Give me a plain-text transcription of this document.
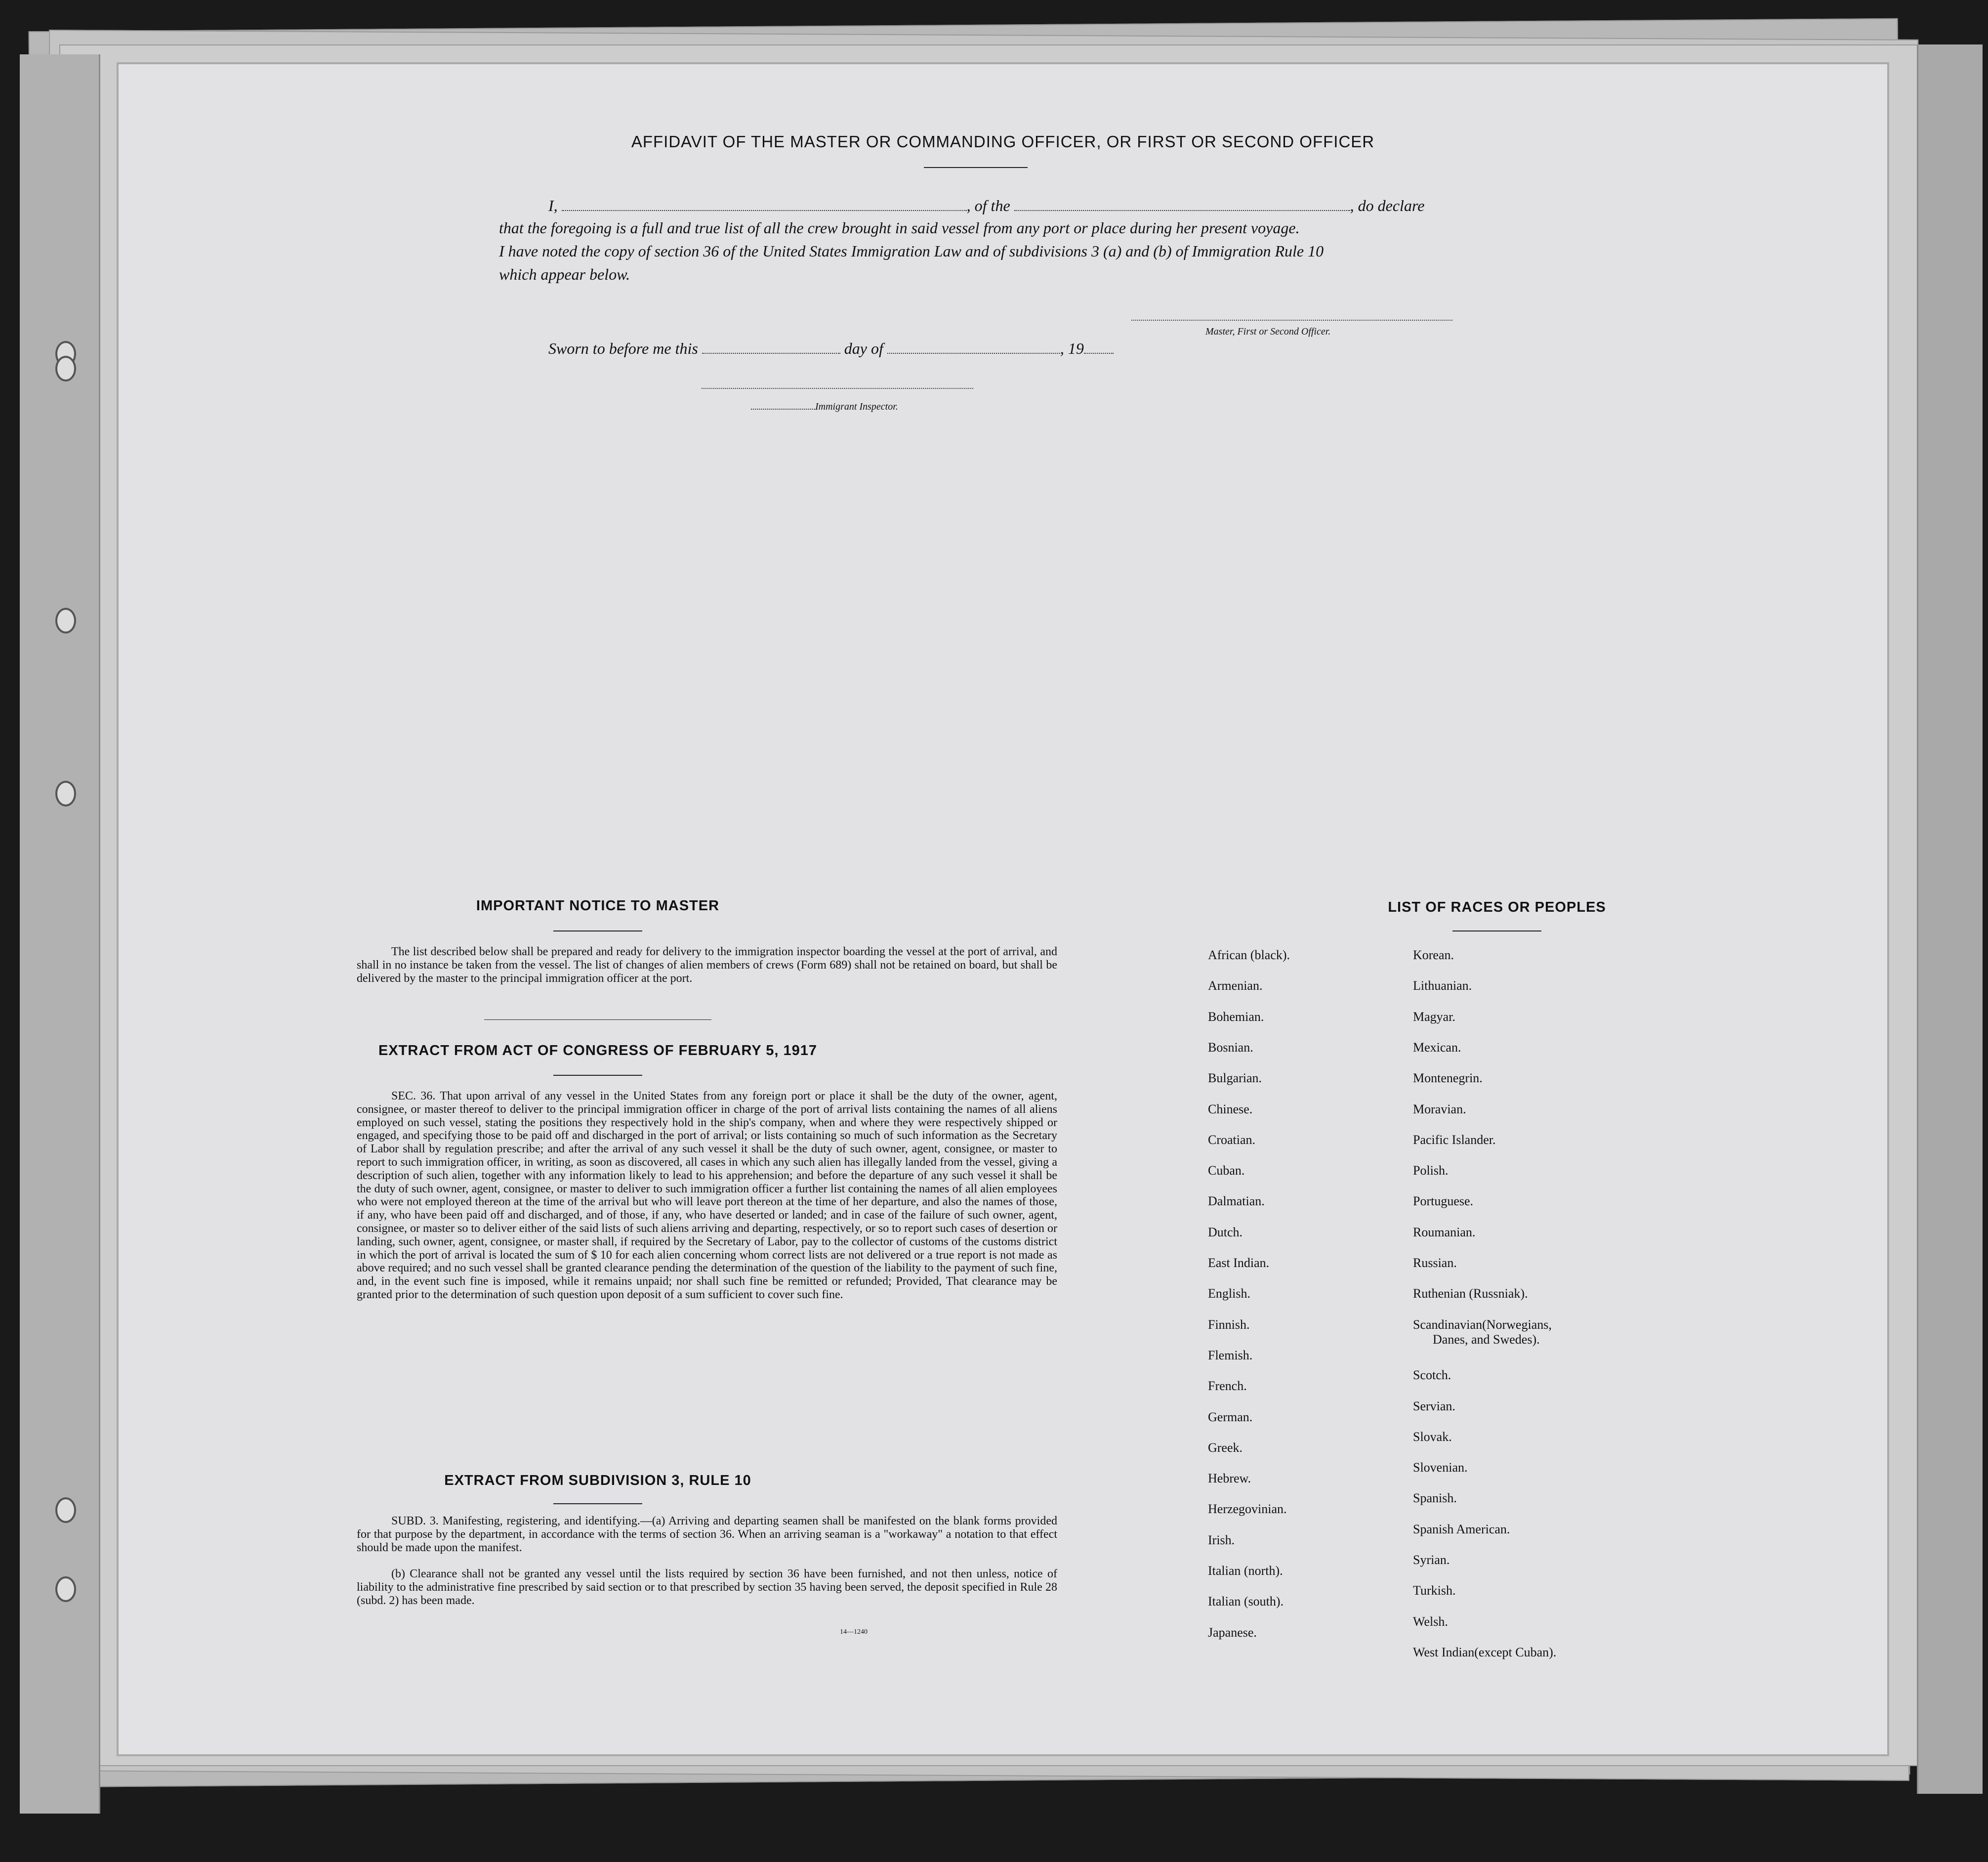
AFFIDAVIT OF THE MASTER OR COMMANDING OFFICER, OR FIRST OR SECOND OFFICER
I,	, of the	, do declare
that the foregoing is a full and true list of all the crew brought in said vessel from any port or place during her present voyage.
I have noted the copy of section 36 of the United States Immigration Law and of subdivisions 3 (a) and (b) of Immigration Rule 10
which appear below.
Master, First or Second Officer.
Sworn to before me this	day of	, 19
Immigrant Inspector.
IMPORTANT NOTICE TO MASTER
The list described below shall be prepared and ready for delivery to the immigration inspector boarding the vessel at the port of arrival, and shall in no instance be taken from the vessel. The list of changes of alien members of crews (Form 689) shall not be retained on board, but shall be delivered by the master to the principal immigration officer at the port.
EXTRACT FROM ACT OF CONGRESS OF FEBRUARY 5, 1917
SEC. 36. That upon arrival of any vessel in the United States from any foreign port or place it shall be the duty of the owner, agent, consignee, or master thereof to deliver to the principal immigration officer in charge of the port of arrival lists containing the names of all aliens employed on such vessel, stating the positions they respectively hold in the ship's company, when and where they were respectively shipped or engaged, and specifying those to be paid off and discharged in the port of arrival; or lists containing so much of such information as the Secretary of Labor shall by regulation prescribe; and after the arrival of any such vessel it shall be the duty of such owner, agent, consignee, or master to report to such immigration officer, in writing, as soon as discovered, all cases in which any such alien has illegally landed from the vessel, giving a description of such alien, together with any information likely to lead to his apprehension; and before the departure of any such vessel it shall be the duty of such owner, agent, consignee, or master to deliver to such immigration officer a further list containing the names of all alien employees who were not employed thereon at the time of the arrival but who will leave port thereon at the time of her departure, and also the names of those, if any, who have been paid off and discharged, and of those, if any, who have deserted or landed; and in case of the failure of such owner, agent, consignee, or master so to deliver either of the said lists of such aliens arriving and departing, respectively, or so to report such cases of desertion or landing, such owner, agent, consignee, or master shall, if required by the Secretary of Labor, pay to the collector of customs of the customs district in which the port of arrival is located the sum of $ 10 for each alien concerning whom correct lists are not delivered or a true report is not made as above required; and no such vessel shall be granted clearance pending the determination of the question of the liability to the payment of such fine, and, in the event such fine is imposed, while it remains unpaid; nor shall such fine be remitted or refunded; Provided, That clearance may be granted prior to the determination of such question upon deposit of a sum sufficient to cover such fine.
EXTRACT FROM SUBDIVISION 3, RULE 10
SUBD. 3. Manifesting, registering, and identifying.—(a) Arriving and departing seamen shall be manifested on the blank forms provided for that purpose by the department, in accordance with the terms of section 36. When an arriving seaman is a "workaway" a notation to that effect should be made upon the manifest.
(b) Clearance shall not be granted any vessel until the lists required by section 36 have been furnished, and not then unless, notice of liability to the administrative fine prescribed by said section or to that prescribed by section 35 having been served, the deposit specified in Rule 28 (subd. 2) has been made.
14—1240
LIST OF RACES OR PEOPLES
African (black).
Armenian.
Bohemian.
Bosnian.
Bulgarian.
Chinese.
Croatian.
Cuban.
Dalmatian.
Dutch.
East Indian.
English.
Finnish.
Flemish.
French.
German.
Greek.
Hebrew.
Herzegovinian.
Irish.
Italian (north).
Italian (south).
Japanese.
Korean.
Lithuanian.
Magyar.
Mexican.
Montenegrin.
Moravian.
Pacific Islander.
Polish.
Portuguese.
Roumanian.
Russian.
Ruthenian (Russniak).
Scandinavian(Norwegians,
Danes, and Swedes).
Scotch.
Servian.
Slovak.
Slovenian.
Spanish.
Spanish American.
Syrian.
Turkish.
Welsh.
West Indian(except Cuban).
